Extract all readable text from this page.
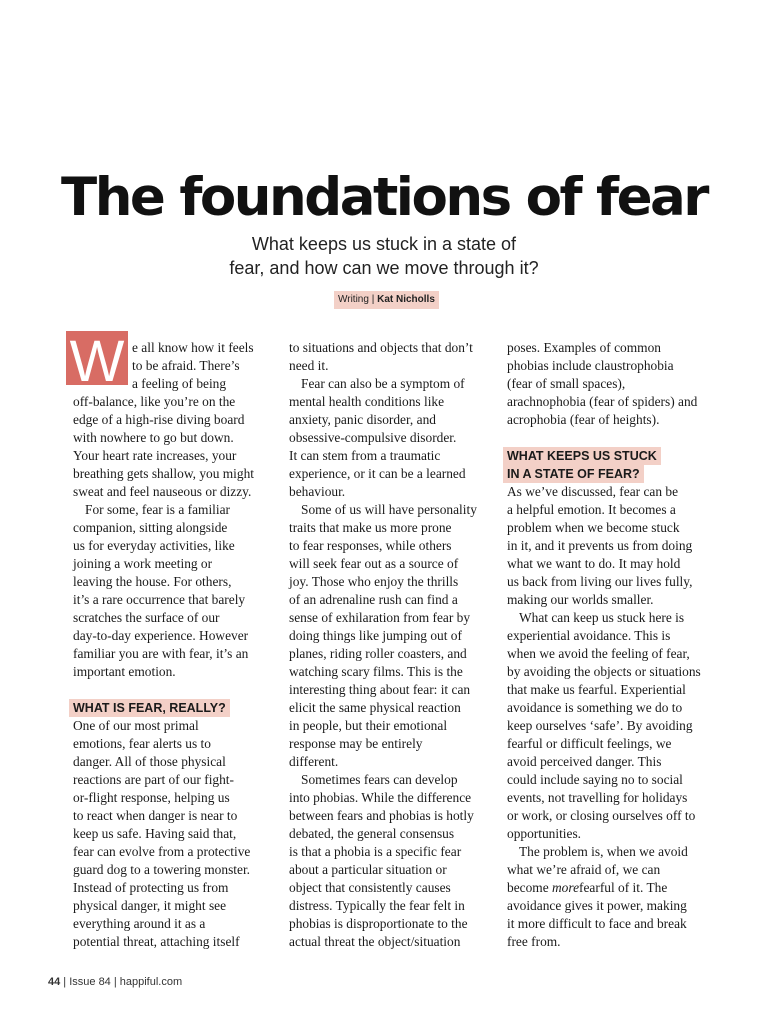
The foundations of fear

What keeps us stuck in a state of
fear, and how can we move through it?

Writing | Kat Nicholls
W e all know how it feels
to be afraid. There’s
a feeling of being
off-balance, like you’re on the
edge of a high-rise diving board
with nowhere to go but down.
Your heart rate increases, your
breathing gets shallow, you might
sweat and feel nauseous or dizzy.
For some, fear is a familiar
companion, sitting alongside
us for everyday activities, like
joining a work meeting or
leaving the house. For others,
it’s a rare occurrence that barely
scratches the surface of our
day-to-day experience. However
familiar you are with fear, it’s an
important emotion.
WHAT IS FEAR, REALLY?
One of our most primal
emotions, fear alerts us to
danger. All of those physical
reactions are part of our fight-
or-flight response, helping us
to react when danger is near to
keep us safe. Having said that,
fear can evolve from a protective
guard dog to a towering monster.
Instead of protecting us from
physical danger, it might see
everything around it as a
potential threat, attaching itself
to situations and objects that don’t
need it.
Fear can also be a symptom of
mental health conditions like
anxiety, panic disorder, and
obsessive-compulsive disorder.
It can stem from a traumatic
experience, or it can be a learned
behaviour.
Some of us will have personality
traits that make us more prone
to fear responses, while others
will seek fear out as a source of
joy. Those who enjoy the thrills
of an adrenaline rush can find a
sense of exhilaration from fear by
doing things like jumping out of
planes, riding roller coasters, and
watching scary films. This is the
interesting thing about fear: it can
elicit the same physical reaction
in people, but their emotional
response may be entirely
different.
Sometimes fears can develop
into phobias. While the difference
between fears and phobias is hotly
debated, the general consensus
is that a phobia is a specific fear
about a particular situation or
object that consistently causes
distress. Typically the fear felt in
phobias is disproportionate to the
actual threat the object/situation
poses. Examples of common
phobias include claustrophobia
(fear of small spaces),
arachnophobia (fear of spiders) and
acrophobia (fear of heights).
WHAT KEEPS US STUCK
IN A STATE OF FEAR?
As we’ve discussed, fear can be
a helpful emotion. It becomes a
problem when we become stuck
in it, and it prevents us from doing
what we want to do. It may hold
us back from living our lives fully,
making our worlds smaller.
What can keep us stuck here is
experiential avoidance. This is
when we avoid the feeling of fear,
by avoiding the objects or situations
that make us fearful. Experiential
avoidance is something we do to
keep ourselves ‘safe’. By avoiding
fearful or difficult feelings, we
avoid perceived danger. This
could include saying no to social
events, not travelling for holidays
or work, or closing ourselves off to
opportunities.
The problem is, when we avoid
what we’re afraid of, we can
become morefearful of it. The
avoidance gives it power, making
it more difficult to face and break
free from.
44 | Issue 84 | happiful.com
